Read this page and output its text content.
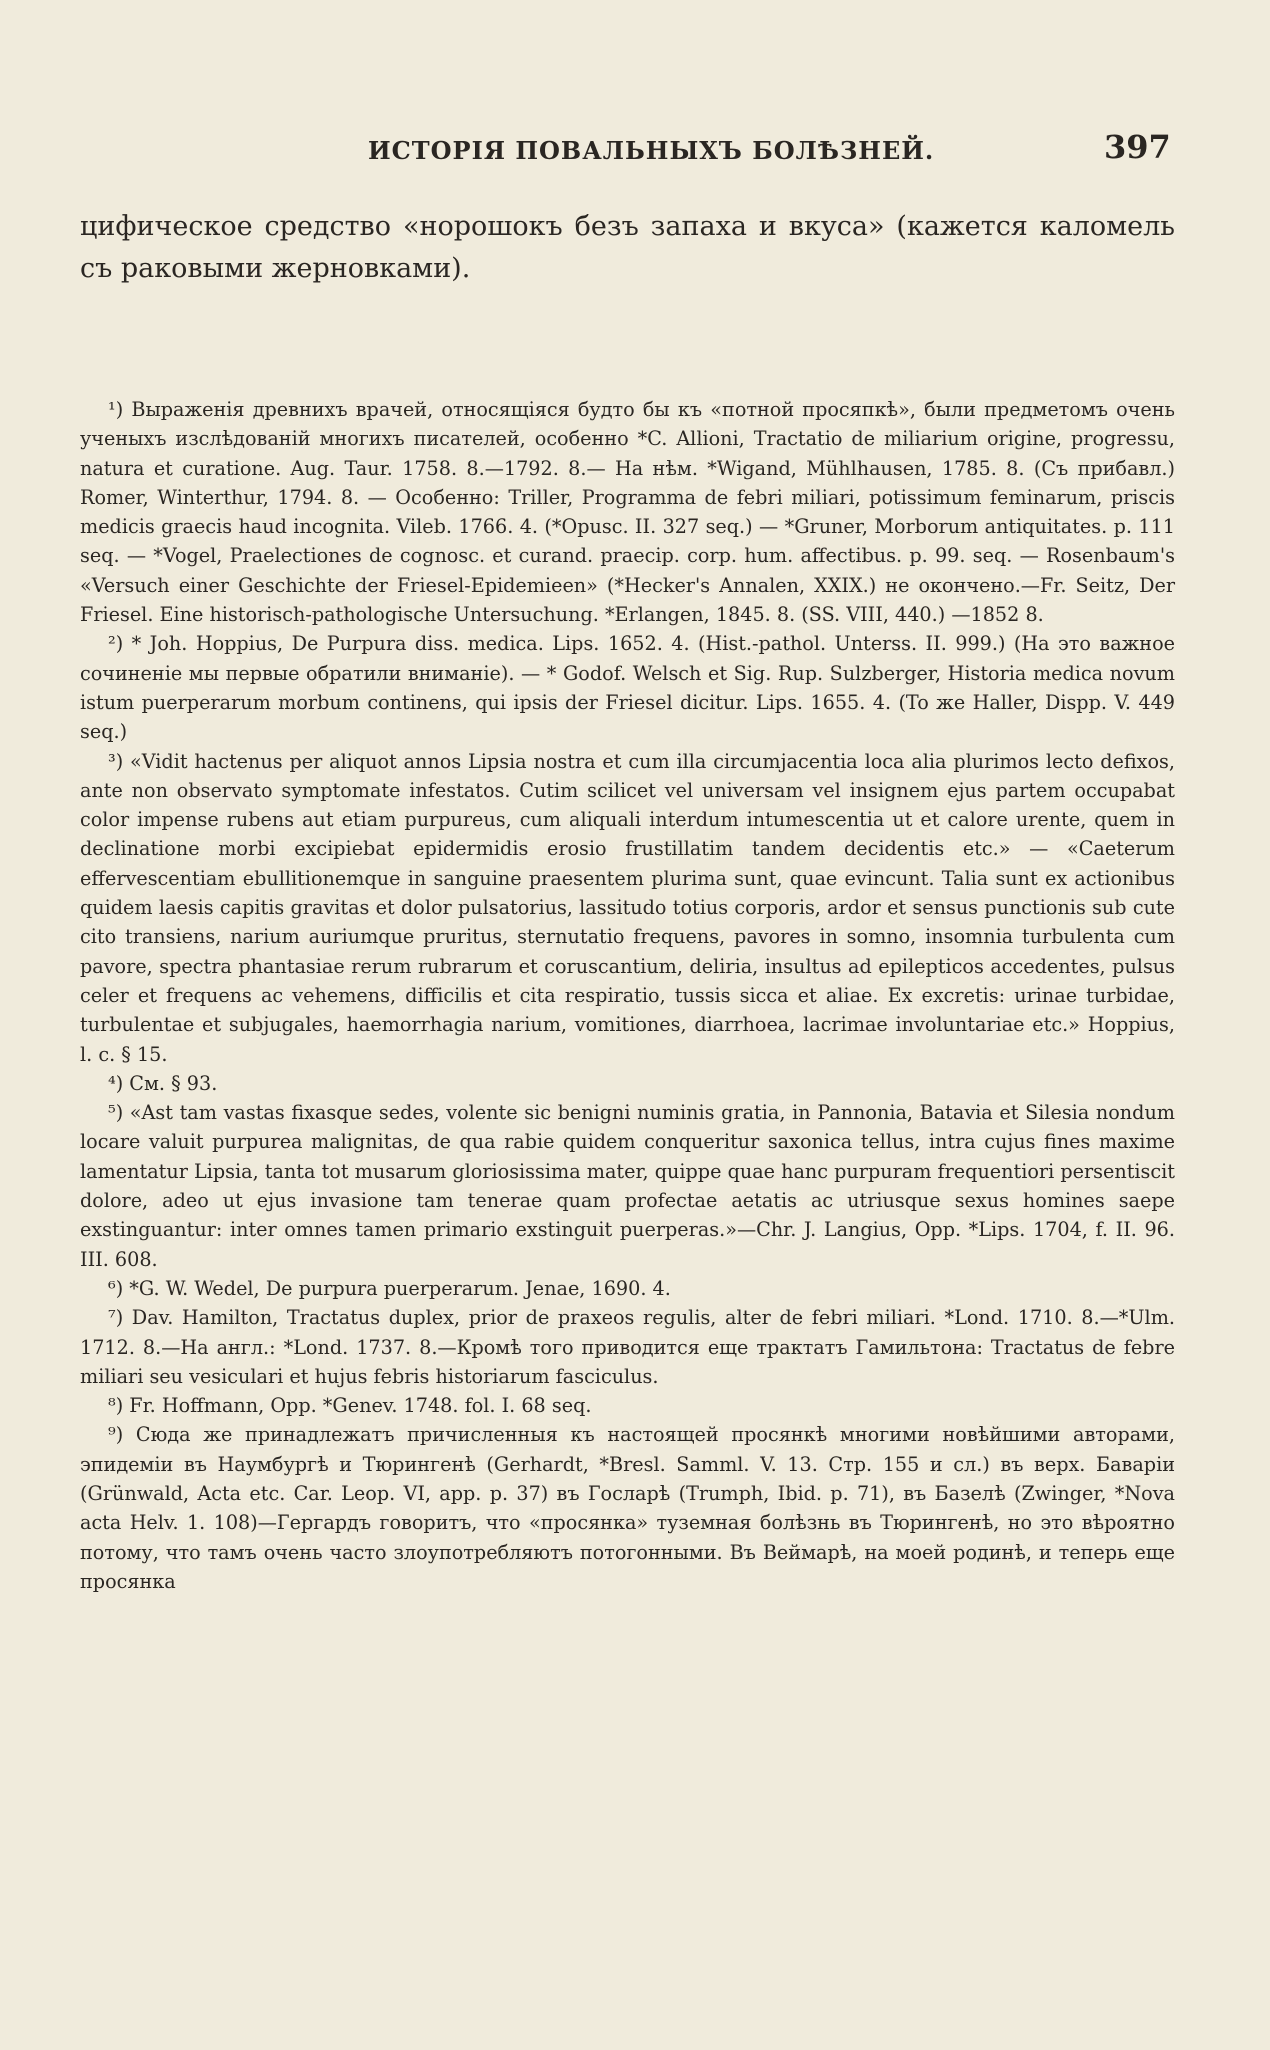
ИСТОРІЯ ПОВАЛЬНЫХЪ БОЛѢЗНЕЙ.	397
цифическое средство «норошокъ безъ запаха и вкуса» (кажется каломель съ раковыми жерновками).

¹) Выраженія древнихъ врачей, относящіяся будто бы къ «потной просяпкѣ», были предметомъ очень ученыхъ изслѣдованій многихъ писателей, особенно *C. Allioni, Tractatio de miliarium origine, progressu, natura et curatione. Aug. Taur. 1758. 8.—1792. 8.— На нѣм. *Wigand, Mühlhausen, 1785. 8. (Съ прибавл.) Romer, Winterthur, 1794. 8. — Особенно: Triller, Programma de febri miliari, potissimum feminarum, priscis medicis graecis haud incognita. Vileb. 1766. 4. (*Opusc. II. 327 seq.) — *Gruner, Morborum antiquitates. p. 111 seq. — *Vogel, Praelectiones de cognosc. et curand. praecip. corp. hum. affectibus. p. 99. seq. — Rosenbaum's «Versuch einer Geschichte der Friesel-Epidemieen» (*Hecker's Annalen, XXIX.) не окончено.—Fr. Seitz, Der Friesel. Eine historisch-pathologische Untersuchung. *Erlangen, 1845. 8. (SS. VIII, 440.) —1852 8.

²) * Joh. Hoppius, De Purpura diss. medica. Lips. 1652. 4. (Hist.-pathol. Unterss. II. 999.) (На это важное сочиненіе мы первые обратили вниманіе). — * Godof. Welsch et Sig. Rup. Sulzberger, Historia medica novum istum puerperarum morbum continens, qui ipsis der Friesel dicitur. Lips. 1655. 4. (To же Haller, Dispp. V. 449 seq.)

³) «Vidit hactenus per aliquot annos Lipsia nostra et cum illa circumjacentia loca alia plurimos lecto defixos, ante non observato symptomate infestatos. Cutim scilicet vel universam vel insignem ejus partem occupabat color impense rubens aut etiam purpureus, cum aliquali interdum intumescentia ut et calore urente, quem in declinatione morbi excipiebat epidermidis erosio frustillatim tandem decidentis etc.» — «Caeterum effervescentiam ebullitionemque in sanguine praesentem plurima sunt, quae evincunt. Talia sunt ex actionibus quidem laesis capitis gravitas et dolor pulsatorius, lassitudo totius corporis, ardor et sensus punctionis sub cute cito transiens, narium auriumque pruritus, sternutatio frequens, pavores in somno, insomnia turbulenta cum pavore, spectra phantasiae rerum rubrarum et coruscantium, deliria, insultus ad epilepticos accedentes, pulsus celer et frequens ac vehemens, difficilis et cita respiratio, tussis sicca et aliae. Ex excretis: urinae turbidae, turbulentae et subjugales, haemorrhagia narium, vomitiones, diarrhoea, lacrimae involuntariae etc.» Hoppius, l. c. § 15.

⁴) См. § 93.

⁵) «Ast tam vastas fixasque sedes, volente sic benigni numinis gratia, in Pannonia, Batavia et Silesia nondum locare valuit purpurea malignitas, de qua rabie quidem conqueritur saxonica tellus, intra cujus fines maxime lamentatur Lipsia, tanta tot musarum gloriosissima mater, quippe quae hanc purpuram frequentiori persentiscit dolore, adeo ut ejus invasione tam tenerae quam profectae aetatis ac utriusque sexus homines saepe exstinguantur: inter omnes tamen primario exstinguit puerperas.»—Chr. J. Langius, Opp. *Lips. 1704, f. II. 96. III. 608.

⁶) *G. W. Wedel, De purpura puerperarum. Jenae, 1690. 4.

⁷) Dav. Hamilton, Tractatus duplex, prior de praxeos regulis, alter de febri miliari. *Lond. 1710. 8.—*Ulm. 1712. 8.—На англ.: *Lond. 1737. 8.—Кромѣ того приводится еще трактатъ Гамильтона: Tractatus de febre miliari seu vesiculari et hujus febris historiarum fasciculus.

⁸) Fr. Hoffmann, Opp. *Genev. 1748. fol. I. 68 seq.

⁹) Сюда же принадлежатъ причисленныя къ настоящей просянкѣ многими новѣйшими авторами, эпидеміи въ Наумбургѣ и Тюрингенѣ (Gerhardt, *Bresl. Samml. V. 13. Стр. 155 и сл.) въ верх. Баваріи (Grünwald, Acta etc. Car. Leop. VI, app. p. 37) въ Госларѣ (Trumph, Ibid. p. 71), въ Базелѣ (Zwinger, *Nova acta Helv. 1. 108)—Гергардъ говоритъ, что «просянка» туземная болѣзнь въ Тюрингенѣ, но это вѣроятно потому, что тамъ очень часто злоупотребляютъ потогонными. Въ Веймарѣ, на моей родинѣ, и теперь еще просянка
